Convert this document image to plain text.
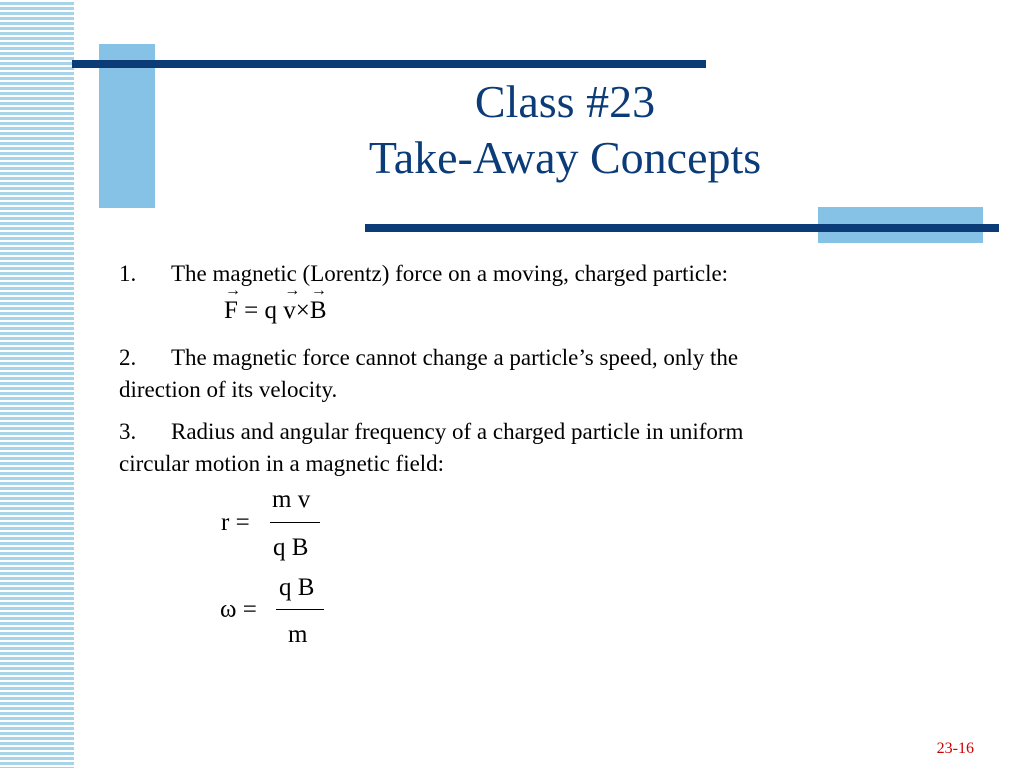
Class #23
Take-Away Concepts
1. The magnetic (Lorentz) force on a moving, charged particle:
F
→
= q v
→
×B
→
2. The magnetic force cannot change a particle’s speed, only the
direction of its velocity.
3. Radius and angular frequency of a charged particle in uniform
circular motion in a magnetic field:
r =
m v
q B
ω =
q B
m
23-16
